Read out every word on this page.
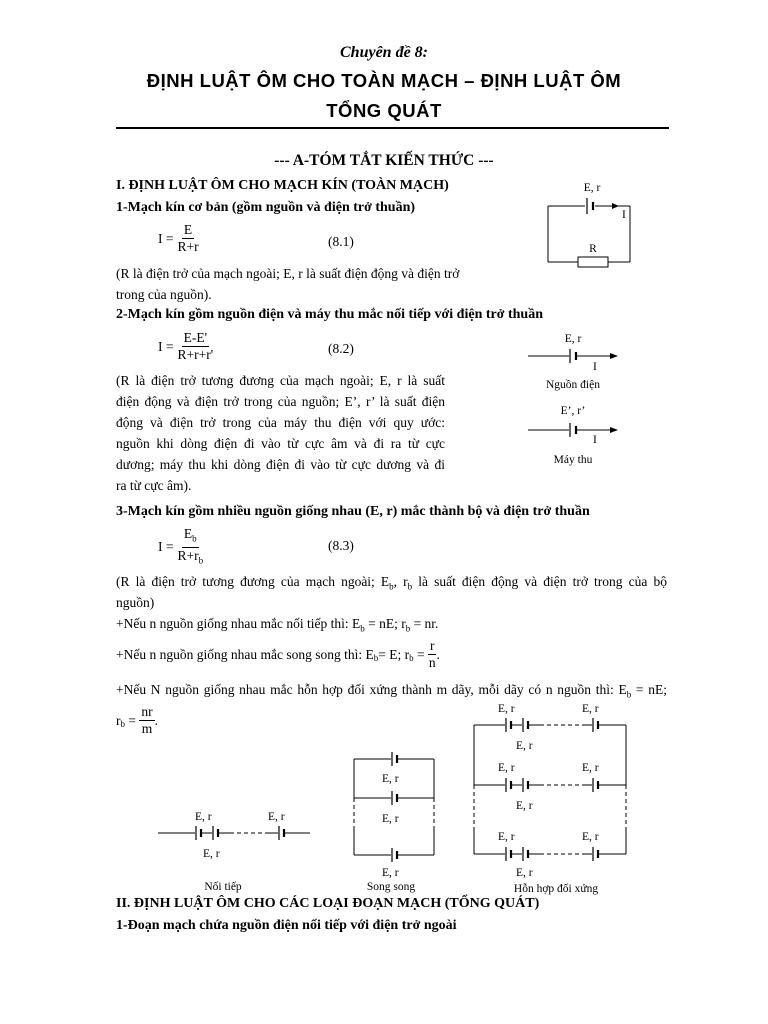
Chuyên đề 8:
ĐỊNH LUẬT ÔM CHO TOÀN MẠCH – ĐỊNH LUẬT ÔM
TỔNG QUÁT
--- A-TÓM TẮT KIẾN THỨC ---
I. ĐỊNH LUẬT ÔM CHO MẠCH KÍN (TOÀN MẠCH)
1-Mạch kín cơ bản (gồm nguồn và điện trở thuần)
$I = \frac{E}{R+r}$	(8.1)
(R là điện trở của mạch ngoài; E, r là suất điện động và điện trở
trong của nguồn).
E, r
I
R
2-Mạch kín gồm nguồn điện và máy thu mắc nối tiếp với điện trở thuần
$I = \frac{E-E'}{R+r+r'}$	(8.2)
(R là điện trở tương đương của mạch ngoài; E, r là suất
điện động và điện trở trong của nguồn; E’, r’ là suất điện
động và điện trở trong của máy thu điện với quy ước:
nguồn khi dòng điện đi vào từ cực âm và đi ra từ cực
dương; máy thu khi dòng điện đi vào từ cực dương và đi
ra từ cực âm).
E, r
I
Nguồn điện
E’, r’
I
Máy thu
3-Mạch kín gồm nhiều nguồn giống nhau (E, r) mắc thành bộ và điện trở thuần
$I = \frac{E_b}{R+r_b}$	(8.3)
(R là điện trở tương đương của mạch ngoài; $E_b$, $r_b$ là suất điện động và điện trở trong của bộ
nguồn)
+Nếu n nguồn giống nhau mắc nối tiếp thì: $E_b$ = nE; $r_b$ = nr.
+Nếu n nguồn giống nhau mắc song song thì: $E_b = E$; $r_b = \frac{r}{n}$ .
+Nếu N nguồn giống nhau mắc hỗn hợp đối xứng thành m dãy, mỗi dãy có n nguồn thì: $E_b$ = nE;
$r_b = \frac{nr}{m}$ .
E, r	E, r
E, r
Nối tiếp
E, r
E, r
E, r
Song song
E, r	E, r
E, r
E, r	E, r
E, r
E, r	E, r
E, r
Hỗn hợp đối xứng
II. ĐỊNH LUẬT ÔM CHO CÁC LOẠI ĐOẠN MẠCH (TỔNG QUÁT)
1-Đoạn mạch chứa nguồn điện nối tiếp với điện trở ngoài
